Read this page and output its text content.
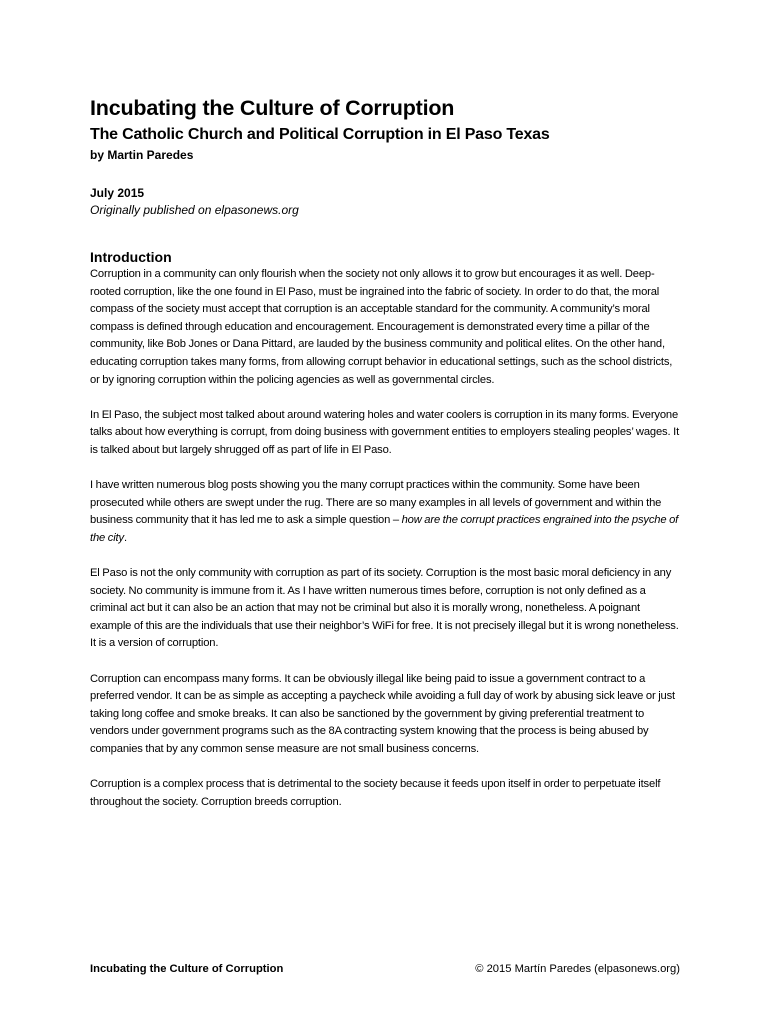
Incubating the Culture of Corruption
The Catholic Church and Political Corruption in El Paso Texas
by Martin Paredes
July 2015
Originally published on elpasonews.org
Introduction

Corruption in a community can only flourish when the society not only allows it to grow but encourages it as well. Deep-rooted corruption, like the one found in El Paso, must be ingrained into the fabric of society. In order to do that, the moral compass of the society must accept that corruption is an acceptable standard for the community. A community’s moral compass is defined through education and encouragement. Encouragement is demonstrated every time a pillar of the community, like Bob Jones or Dana Pittard, are lauded by the business community and political elites. On the other hand, educating corruption takes many forms, from allowing corrupt behavior in educational settings, such as the school districts, or by ignoring corruption within the policing agencies as well as governmental circles.

In El Paso, the subject most talked about around watering holes and water coolers is corruption in its many forms. Everyone talks about how everything is corrupt, from doing business with government entities to employers stealing peoples’ wages. It is talked about but largely shrugged off as part of life in El Paso.

I have written numerous blog posts showing you the many corrupt practices within the community. Some have been prosecuted while others are swept under the rug. There are so many examples in all levels of government and within the business community that it has led me to ask a simple question – how are the corrupt practices engrained into the psyche of the city.

El Paso is not the only community with corruption as part of its society. Corruption is the most basic moral deficiency in any society. No community is immune from it. As I have written numerous times before, corruption is not only defined as a criminal act but it can also be an action that may not be criminal but also it is morally wrong, nonetheless. A poignant example of this are the individuals that use their neighbor’s WiFi for free. It is not precisely illegal but it is wrong nonetheless. It is a version of corruption.

Corruption can encompass many forms. It can be obviously illegal like being paid to issue a government contract to a preferred vendor. It can be as simple as accepting a paycheck while avoiding a full day of work by abusing sick leave or just taking long coffee and smoke breaks. It can also be sanctioned by the government by giving preferential treatment to vendors under government programs such as the 8A contracting system knowing that the process is being abused by companies that by any common sense measure are not small business concerns.

Corruption is a complex process that is detrimental to the society because it feeds upon itself in order to perpetuate itself throughout the society. Corruption breeds corruption.

Incubating the Culture of Corruption	© 2015 Martín Paredes (elpasonews.org)
